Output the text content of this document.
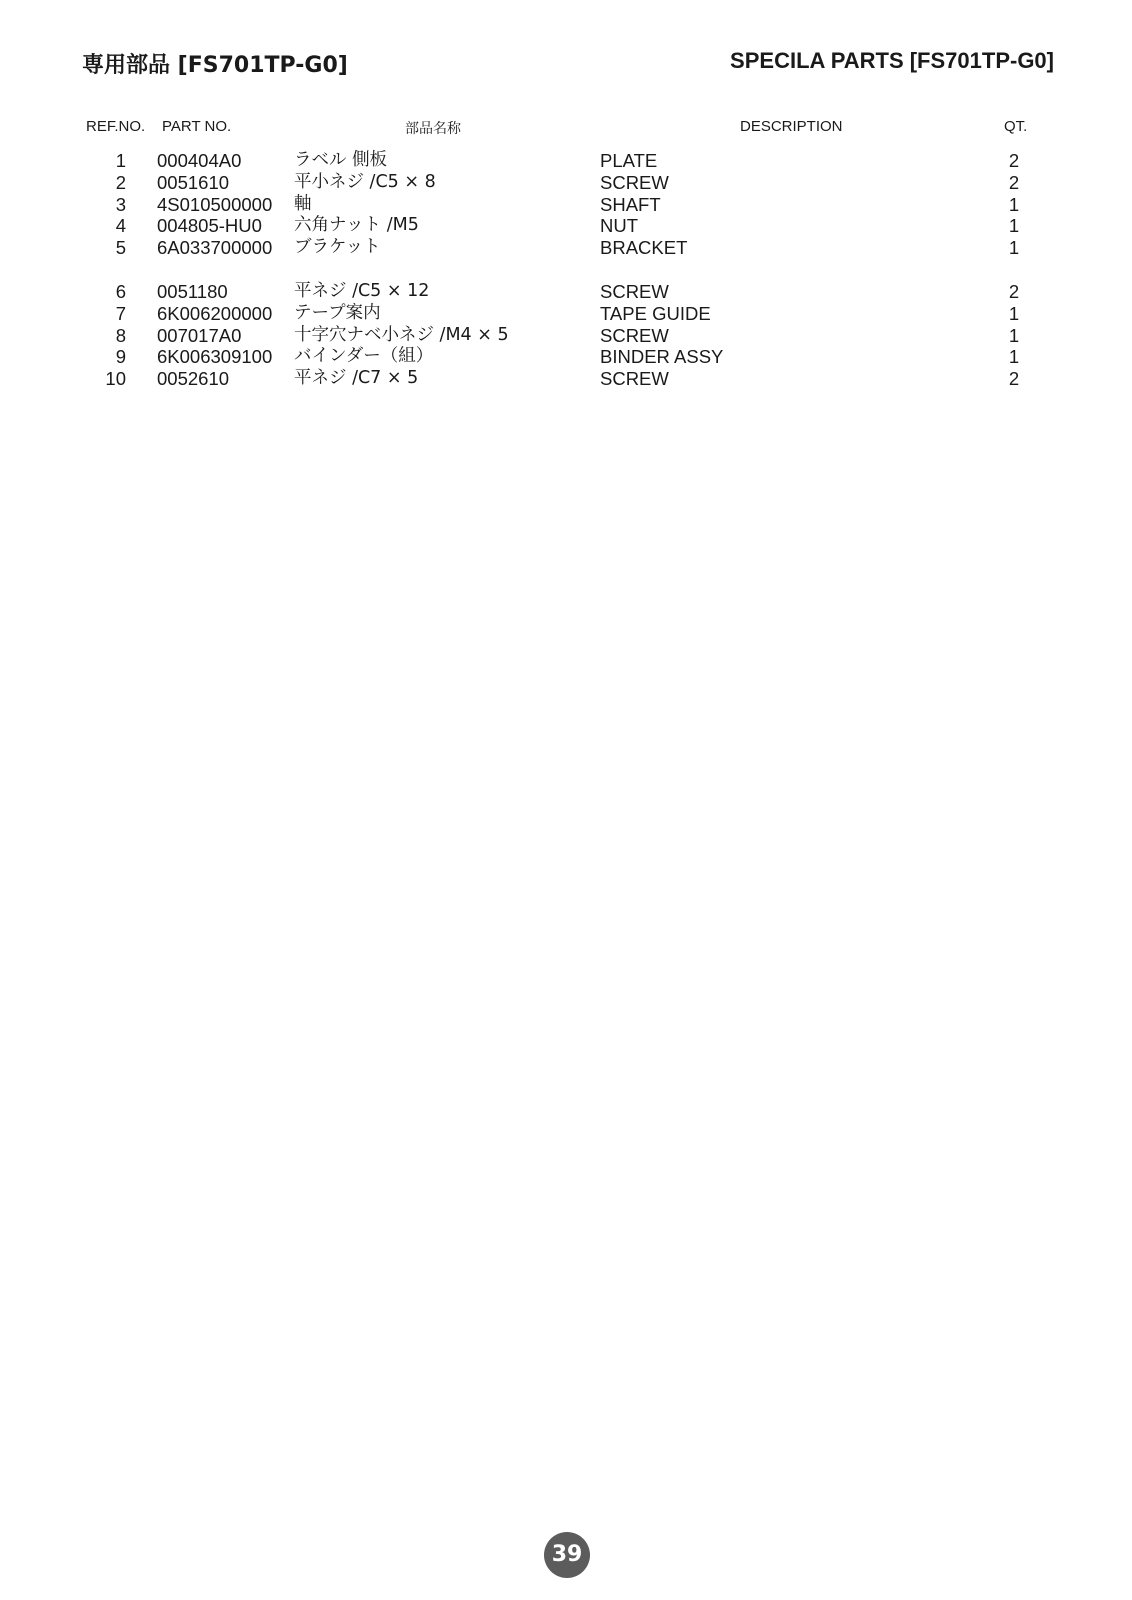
専用部品 [FS701TP-G0]	SPECILA PARTS [FS701TP-G0]
REF.NO. PART NO.	部品名称	DESCRIPTION	QT.
1 000404A0	ラベル 側板	PLATE	2
2 0051610	平小ネジ /C5 × 8	SCREW	2
3 4S010500000 軸	SHAFT	1
4 004805-HU0 六角ナット /M5	NUT	1
5 6A033700000 ブラケット	BRACKET	1
6 0051180	平ネジ /C5 × 12	SCREW	2
7 6K006200000 テープ案内	TAPE GUIDE	1
8 007017A0	十字穴ナベ小ネジ /M4 × 5	SCREW	1
9 6K006309100 バインダー（組）	BINDER ASSY	1
10 0052610	平ネジ /C7 × 5	SCREW	2
39
